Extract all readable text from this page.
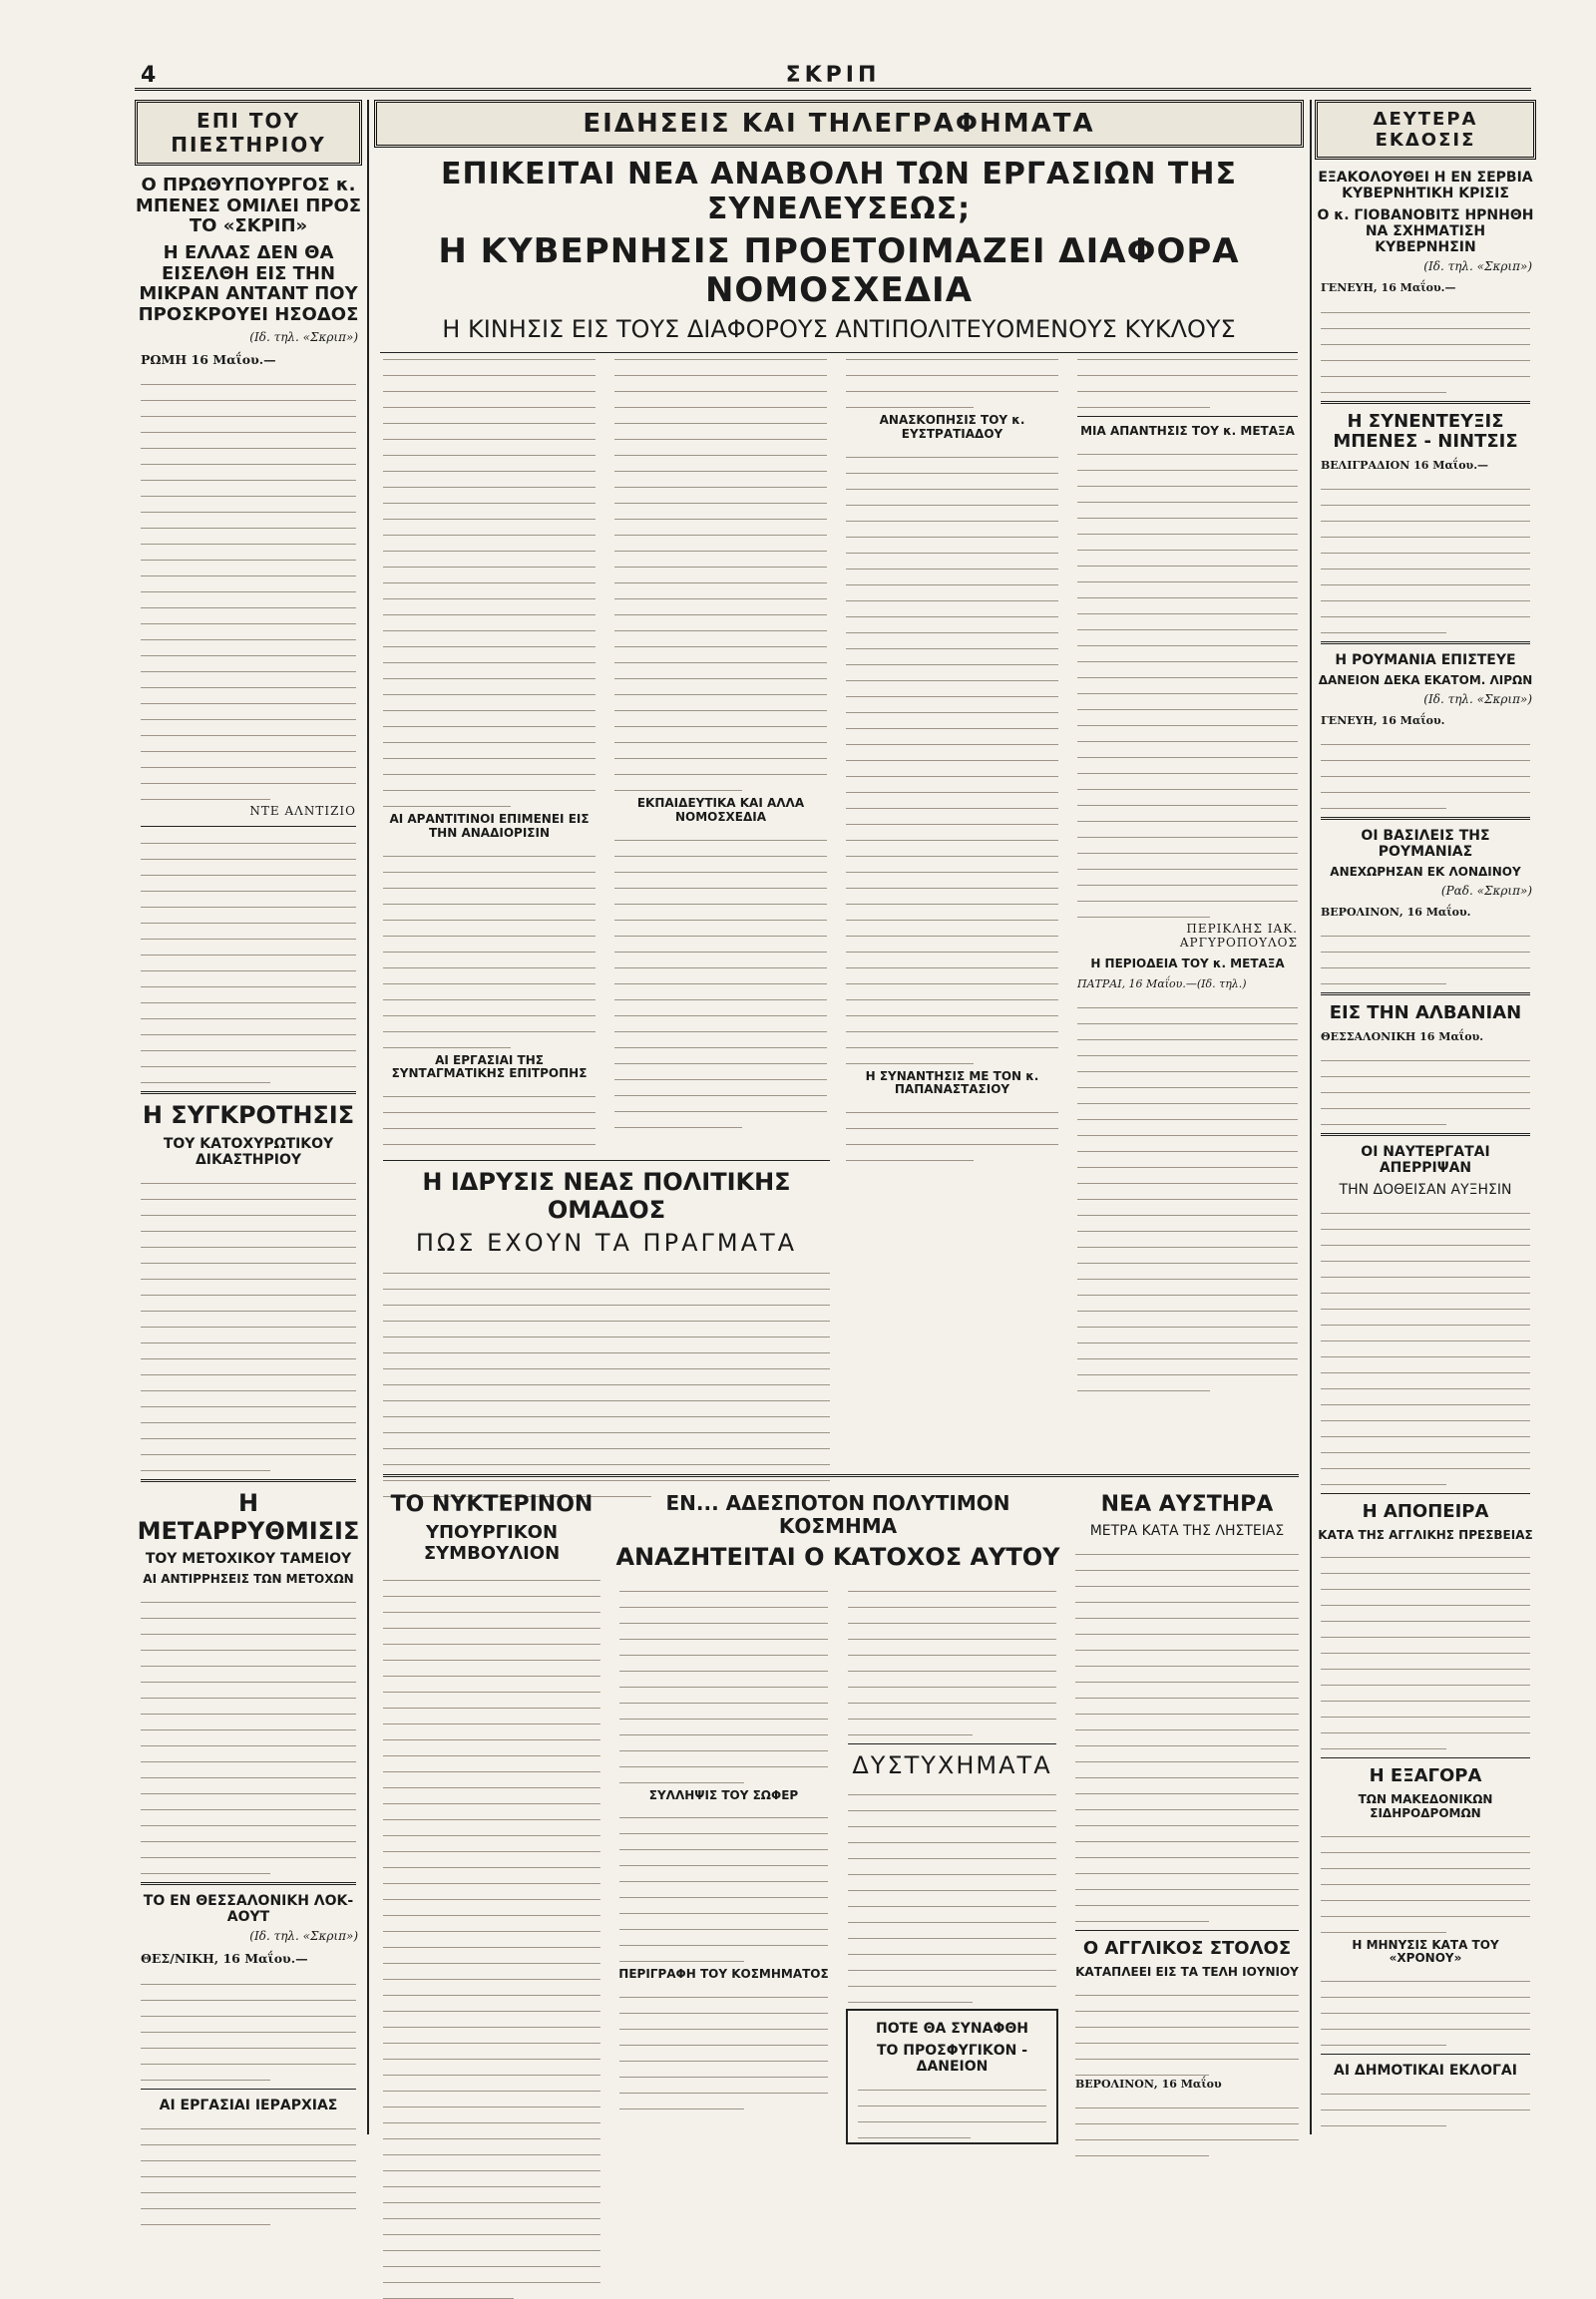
4	ΣΚΡΙΠ
ΕΠΙ ΤΟΥ ΠΙΕΣΤΗΡΙΟΥ
Ο ΠΡΩΘΥΠΟΥΡΓΟΣ κ. ΜΠΕΝΕΣ ΟΜΙΛΕΙ ΠΡΟΣ ΤΟ «ΣΚΡΙΠ»
Η ΕΛΛΑΣ ΔΕΝ ΘΑ ΕΙΣΕΛΘΗ ΕΙΣ ΤΗΝ ΜΙΚΡΑΝ ΑΝΤΑΝΤ ΠΟΥ ΠΡΟΣΚΡΟΥΕΙ ΗΣΟΔΟΣ
(Ιδ. τηλ. «Σκριπ»)
ΡΩΜΗ 16 Μαΐου.—
ΝΤΕ ΑΛΝΤΙΖΙΟ
Η ΣΥΓΚΡΟΤΗΣΙΣ
ΤΟΥ ΚΑΤΟΧΥΡΩΤΙΚΟΥ ΔΙΚΑΣΤΗΡΙΟΥ
Η ΜΕΤΑΡΡΥΘΜΙΣΙΣ
ΤΟΥ ΜΕΤΟΧΙΚΟΥ ΤΑΜΕΙΟΥ
ΑΙ ΑΝΤΙΡΡΗΣΕΙΣ ΤΩΝ ΜΕΤΟΧΩΝ
ΤΟ ΕΝ ΘΕΣΣΑΛΟΝΙΚΗ ΛΟΚ-ΑΟΥΤ
(Ιδ. τηλ. «Σκριπ»)
ΘΕΣ/ΝΙΚΗ, 16 Μαΐου.—
ΑΙ ΕΡΓΑΣΙΑΙ ΙΕΡΑΡΧΙΑΣ
ΕΙΔΗΣΕΙΣ ΚΑΙ ΤΗΛΕΓΡΑΦΗΜΑΤΑ
ΕΠΙΚΕΙΤΑΙ ΝΕΑ ΑΝΑΒΟΛΗ ΤΩΝ ΕΡΓΑΣΙΩΝ ΤΗΣ ΣΥΝΕΛΕΥΣΕΩΣ;
Η ΚΥΒΕΡΝΗΣΙΣ ΠΡΟΕΤΟΙΜΑΖΕΙ ΔΙΑΦΟΡΑ ΝΟΜΟΣΧΕΔΙΑ
Η ΚΙΝΗΣΙΣ ΕΙΣ ΤΟΥΣ ΔΙΑΦΟΡΟΥΣ ΑΝΤΙΠΟΛΙΤΕΥΟΜΕΝΟΥΣ ΚΥΚΛΟΥΣ
ΑΙ ΑΡΑΝΤΙΤΙΝΟΙ ΕΠΙΜΕΝΕΙ ΕΙΣ ΤΗΝ ΑΝΑΔΙΟΡΙΣΙΝ
ΑΙ ΕΡΓΑΣΙΑΙ ΤΗΣ ΣΥΝΤΑΓΜΑΤΙΚΗΣ ΕΠΙΤΡΟΠΗΣ
ΕΚΠΑΙΔΕΥΤΙΚΑ ΚΑΙ ΑΛΛΑ ΝΟΜΟΣΧΕΔΙΑ
ΑΝΑΣΚΟΠΗΣΙΣ ΤΟΥ κ. ΕΥΣΤΡΑΤΙΑΔΟΥ
Η ΣΥΝΑΝΤΗΣΙΣ ΜΕ ΤΟΝ κ. ΠΑΠΑΝΑΣΤΑΣΙΟΥ
ΜΙΑ ΑΠΑΝΤΗΣΙΣ ΤΟΥ κ. ΜΕΤΑΞΑ
ΠΕΡΙΚΛΗΣ ΙΑΚ. ΑΡΓΥΡΟΠΟΥΛΟΣ
Η ΠΕΡΙΟΔΕΙΑ ΤΟΥ κ. ΜΕΤΑΞΑ
ΠΑΤΡΑΙ, 16 Μαΐου.—(Ιδ. τηλ.)
Η ΙΔΡΥΣΙΣ ΝΕΑΣ ΠΟΛΙΤΙΚΗΣ ΟΜΑΔΟΣ
ΠΩΣ ΕΧΟΥΝ ΤΑ ΠΡΑΓΜΑΤΑ
ΤΟ ΝΥΚΤΕΡΙΝΟΝ
ΥΠΟΥΡΓΙΚΟΝ ΣΥΜΒΟΥΛΙΟΝ
ΕΝ... ΑΔΕΣΠΟΤΟΝ ΠΟΛΥΤΙΜΟΝ ΚΟΣΜΗΜΑ
ΑΝΑΖΗΤΕΙΤΑΙ Ο ΚΑΤΟΧΟΣ ΑΥΤΟΥ
ΣΥΛΛΗΨΙΣ ΤΟΥ ΣΩΦΕΡ
ΠΕΡΙΓΡΑΦΗ ΤΟΥ ΚΟΣΜΗΜΑΤΟΣ
ΔΥΣΤΥΧΗΜΑΤΑ
ΠΟΤΕ ΘΑ ΣΥΝΑΦΘΗ
ΤΟ ΠΡΟΣΦΥΓΙΚΟΝ - ΔΑΝΕΙΟΝ
ΝΕΑ ΑΥΣΤΗΡΑ
ΜΕΤΡΑ ΚΑΤΑ ΤΗΣ ΛΗΣΤΕΙΑΣ
Ο ΑΓΓΛΙΚΟΣ ΣΤΟΛΟΣ
ΚΑΤΑΠΛΕΕΙ ΕΙΣ ΤΑ ΤΕΛΗ ΙΟΥΝΙΟΥ
ΒΕΡΟΛΙΝΟΝ, 16 Μαΐου
ΔΕΥΤΕΡΑ ΕΚΔΟΣΙΣ
ΕΞΑΚΟΛΟΥΘΕΙ Η ΕΝ ΣΕΡΒΙΑ ΚΥΒΕΡΝΗΤΙΚΗ ΚΡΙΣΙΣ
Ο κ. ΓΙΟΒΑΝΟΒΙΤΣ ΗΡΝΗΘΗ ΝΑ ΣΧΗΜΑΤΙΣΗ ΚΥΒΕΡΝΗΣΙΝ
(Ιδ. τηλ. «Σκριπ»)
ΓΕΝΕΥΗ, 16 Μαΐου.—
Η ΣΥΝΕΝΤΕΥΞΙΣ ΜΠΕΝΕΣ - ΝΙΝΤΣΙΣ
ΒΕΛΙΓΡΑΔΙΟΝ 16 Μαΐου.—
Η ΡΟΥΜΑΝΙΑ ΕΠΙΣΤΕΥΕ
ΔΑΝΕΙΟΝ ΔΕΚΑ ΕΚΑΤΟΜ. ΛΙΡΩΝ
(Ιδ. τηλ. «Σκριπ»)
ΓΕΝΕΥΗ, 16 Μαΐου.
ΟΙ ΒΑΣΙΛΕΙΣ ΤΗΣ ΡΟΥΜΑΝΙΑΣ
ΑΝΕΧΩΡΗΣΑΝ ΕΚ ΛΟΝΔΙΝΟΥ
(Ραδ. «Σκριπ»)
ΒΕΡΟΛΙΝΟΝ, 16 Μαΐου.
ΕΙΣ ΤΗΝ ΑΛΒΑΝΙΑΝ
ΘΕΣΣΑΛΟΝΙΚΗ 16 Μαΐου.
ΟΙ ΝΑΥΤΕΡΓΑΤΑΙ ΑΠΕΡΡΙΨΑΝ
ΤΗΝ ΔΟΘΕΙΣΑΝ ΑΥΞΗΣΙΝ
Η ΑΠΟΠΕΙΡΑ
ΚΑΤΑ ΤΗΣ ΑΓΓΛΙΚΗΣ ΠΡΕΣΒΕΙΑΣ
Η ΕΞΑΓΟΡΑ
ΤΩΝ ΜΑΚΕΔΟΝΙΚΩΝ ΣΙΔΗΡΟΔΡΟΜΩΝ
Η ΜΗΝΥΣΙΣ ΚΑΤΑ ΤΟΥ «ΧΡΟΝΟΥ»
ΑΙ ΔΗΜΟΤΙΚΑΙ ΕΚΛΟΓΑΙ
